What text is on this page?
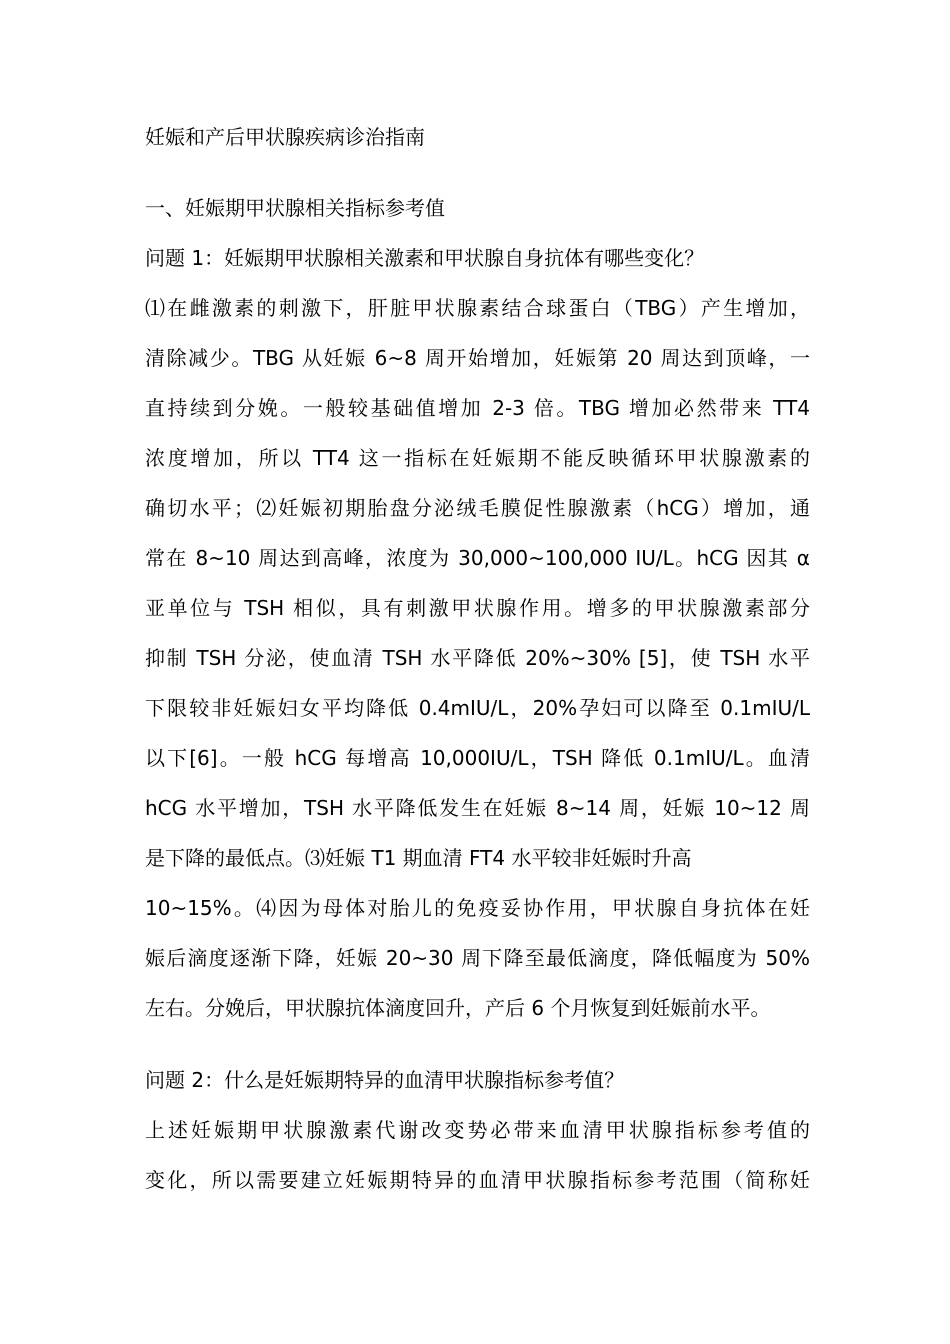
妊娠和产后甲状腺疾病诊治指南
一、妊娠期甲状腺相关指标参考值
问题 1：妊娠期甲状腺相关激素和甲状腺自身抗体有哪些变化？
⑴在雌激素的刺激下，肝脏甲状腺素结合球蛋白（TBG）产生增加，
清除减少。TBG 从妊娠 6~8 周开始增加，妊娠第 20 周达到顶峰，一
直持续到分娩。一般较基础值增加 2-3 倍。TBG 增加必然带来 TT4
浓度增加，所以 TT4 这一指标在妊娠期不能反映循环甲状腺激素的
确切水平；⑵妊娠初期胎盘分泌绒毛膜促性腺激素（hCG）增加，通
常在 8~10 周达到高峰，浓度为 30,000~100,000 IU/L。hCG 因其 α
亚单位与 TSH 相似，具有刺激甲状腺作用。增多的甲状腺激素部分
抑制 TSH 分泌，使血清 TSH 水平降低 20%~30% [5]，使 TSH 水平
下限较非妊娠妇女平均降低 0.4mIU/L，20%孕妇可以降至 0.1mIU/L
以下[6]。一般 hCG 每增高 10,000IU/L，TSH 降低 0.1mIU/L。血清
hCG 水平增加，TSH 水平降低发生在妊娠 8~14 周，妊娠 10~12 周
是下降的最低点。⑶妊娠 T1 期血清 FT4 水平较非妊娠时升高
10~15%。⑷因为母体对胎儿的免疫妥协作用，甲状腺自身抗体在妊
娠后滴度逐渐下降，妊娠 20~30 周下降至最低滴度，降低幅度为 50%
左右。分娩后，甲状腺抗体滴度回升，产后 6 个月恢复到妊娠前水平。
问题 2：什么是妊娠期特异的血清甲状腺指标参考值？
上述妊娠期甲状腺激素代谢改变势必带来血清甲状腺指标参考值的
变化，所以需要建立妊娠期特异的血清甲状腺指标参考范围（简称妊
